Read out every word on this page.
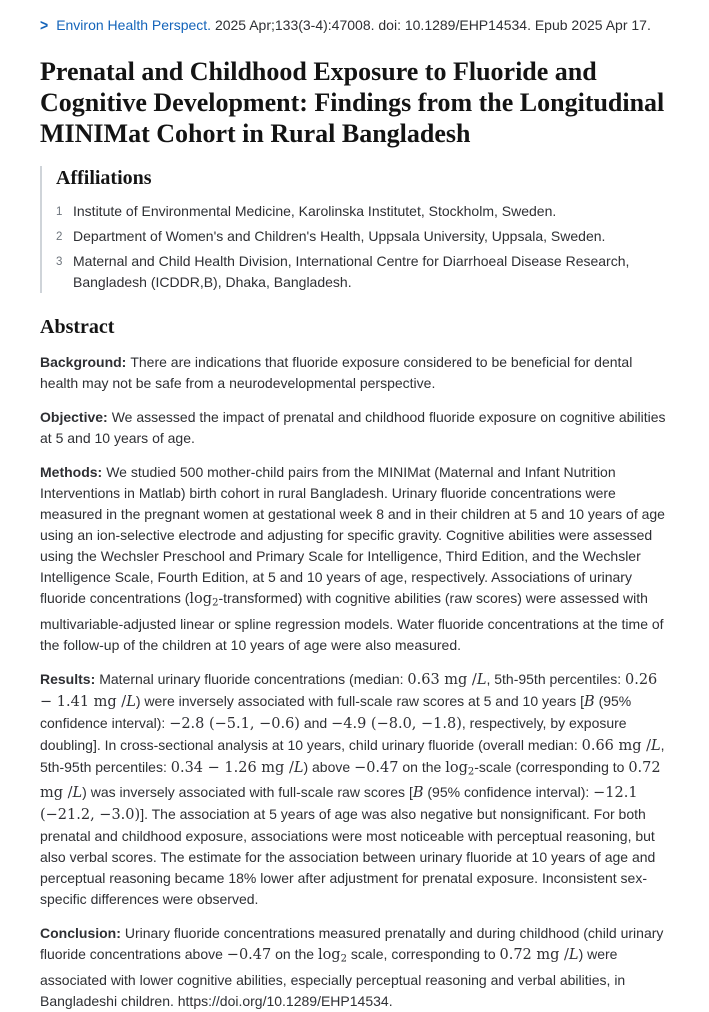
> Environ Health Perspect. 2025 Apr;133(3-4):47008. doi: 10.1289/EHP14534. Epub 2025 Apr 17.
Prenatal and Childhood Exposure to Fluoride and Cognitive Development: Findings from the Longitudinal MINIMat Cohort in Rural Bangladesh
Affiliations
1 Institute of Environmental Medicine, Karolinska Institutet, Stockholm, Sweden.
2 Department of Women's and Children's Health, Uppsala University, Uppsala, Sweden.
3 Maternal and Child Health Division, International Centre for Diarrhoeal Disease Research, Bangladesh (ICDDR,B), Dhaka, Bangladesh.
Abstract

Background: There are indications that fluoride exposure considered to be beneficial for dental health may not be safe from a neurodevelopmental perspective.

Objective: We assessed the impact of prenatal and childhood fluoride exposure on cognitive abilities at 5 and 10 years of age.

Methods: We studied 500 mother-child pairs from the MINIMat (Maternal and Infant Nutrition Interventions in Matlab) birth cohort in rural Bangladesh. Urinary fluoride concentrations were measured in the pregnant women at gestational week 8 and in their children at 5 and 10 years of age using an ion-selective electrode and adjusting for specific gravity. Cognitive abilities were assessed using the Wechsler Preschool and Primary Scale for Intelligence, Third Edition, and the Wechsler Intelligence Scale, Fourth Edition, at 5 and 10 years of age, respectively. Associations of urinary fluoride concentrations (log2-transformed) with cognitive abilities (raw scores) were assessed with multivariable-adjusted linear or spline regression models. Water fluoride concentrations at the time of the follow-up of the children at 10 years of age were also measured.

Results: Maternal urinary fluoride concentrations (median: 0.63 mg /L, 5th-95th percentiles: 0.26 − 1.41 mg /L) were inversely associated with full-scale raw scores at 5 and 10 years [B (95% confidence interval): −2.8 (−5.1, −0.6) and −4.9 (−8.0, −1.8), respectively, by exposure doubling]. In cross-sectional analysis at 10 years, child urinary fluoride (overall median: 0.66 mg /L, 5th-95th percentiles: 0.34 − 1.26 mg /L) above −0.47 on the log2-scale (corresponding to 0.72 mg /L) was inversely associated with full-scale raw scores [B (95% confidence interval): −12.1 (−21.2, −3.0)]. The association at 5 years of age was also negative but nonsignificant. For both prenatal and childhood exposure, associations were most noticeable with perceptual reasoning, but also verbal scores. The estimate for the association between urinary fluoride at 10 years of age and perceptual reasoning became 18% lower after adjustment for prenatal exposure. Inconsistent sex-specific differences were observed.

Conclusion: Urinary fluoride concentrations measured prenatally and during childhood (child urinary fluoride concentrations above −0.47 on the log2 scale, corresponding to 0.72 mg /L) were associated with lower cognitive abilities, especially perceptual reasoning and verbal abilities, in Bangladeshi children. https://doi.org/10.1289/EHP14534.
